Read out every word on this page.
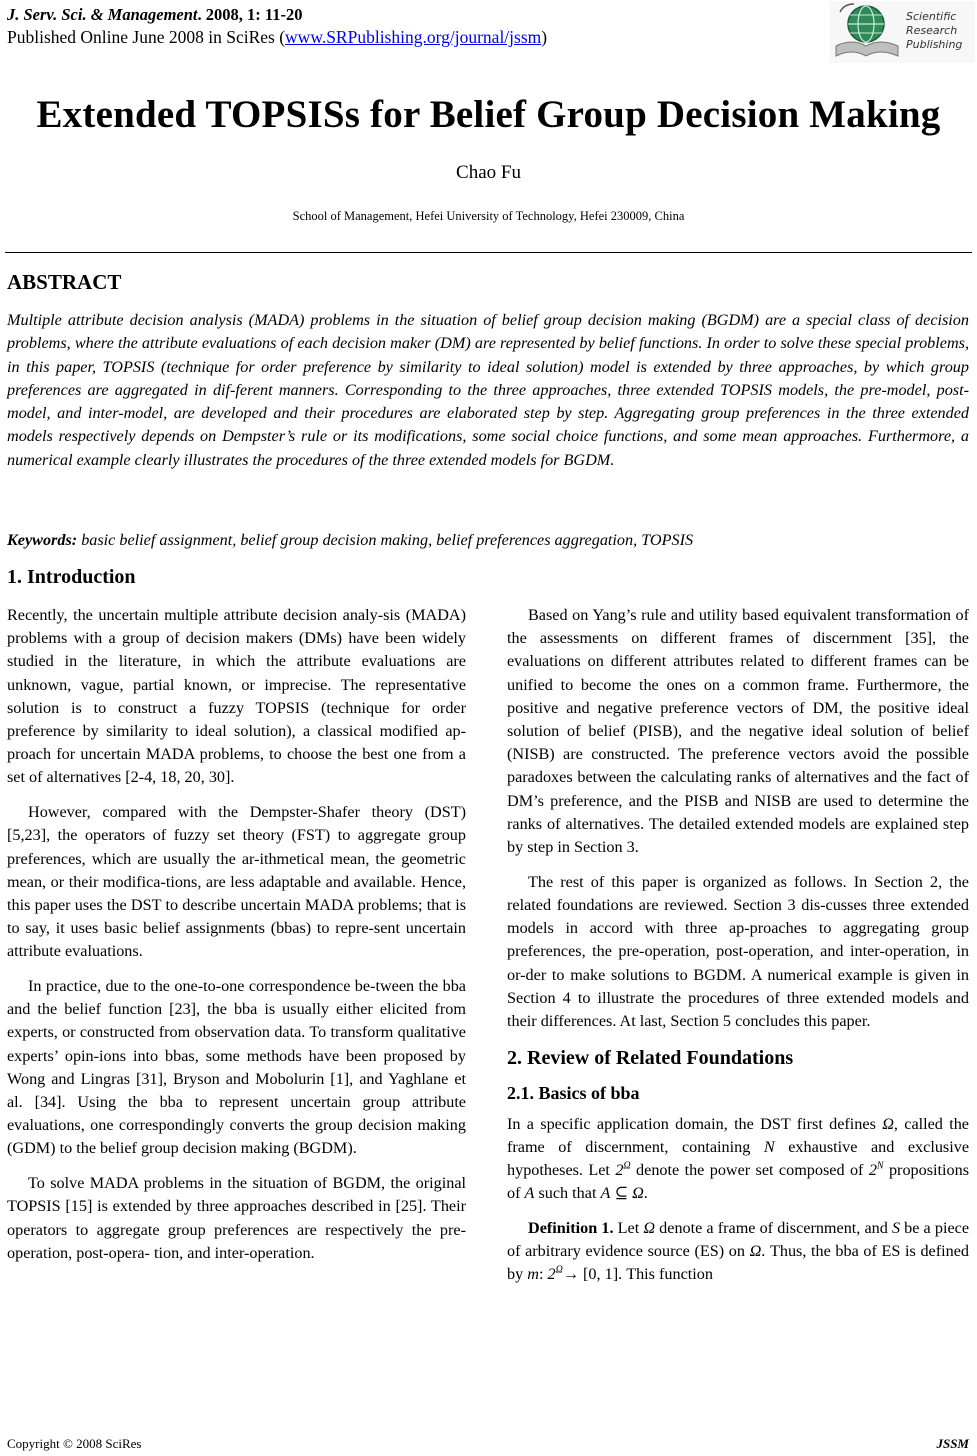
J. Serv. Sci. & Management. 2008, 1: 11-20
Published Online June 2008 in SciRes (www.SRPublishing.org/journal/jssm)
Scientific
Research
Publishing
Extended TOPSISs for Belief Group Decision Making
Chao Fu
School of Management, Hefei University of Technology, Hefei 230009, China
ABSTRACT
Multiple attribute decision analysis (MADA) problems in the situation of belief group decision making (BGDM) are a special class of decision problems, where the attribute evaluations of each decision maker (DM) are represented by belief functions. In order to solve these special problems, in this paper, TOPSIS (technique for order preference by similarity to ideal solution) model is extended by three approaches, by which group preferences are aggregated in dif-ferent manners. Corresponding to the three approaches, three extended TOPSIS models, the pre-model, post-model, and inter-model, are developed and their procedures are elaborated step by step. Aggregating group preferences in the three extended models respectively depends on Dempster’s rule or its modifications, some social choice functions, and some mean approaches. Furthermore, a numerical example clearly illustrates the procedures of the three extended models for BGDM.
Keywords: basic belief assignment, belief group decision making, belief preferences aggregation, TOPSIS
1. Introduction

Recently, the uncertain multiple attribute decision analy-sis (MADA) problems with a group of decision makers (DMs) have been widely studied in the literature, in which the attribute evaluations are unknown, vague, partial known, or imprecise. The representative solution is to construct a fuzzy TOPSIS (technique for order preference by similarity to ideal solution), a classical modified ap-proach for uncertain MADA problems, to choose the best one from a set of alternatives [2-4, 18, 20, 30].

However, compared with the Dempster-Shafer theory (DST) [5,23], the operators of fuzzy set theory (FST) to aggregate group preferences, which are usually the ar-ithmetical mean, the geometric mean, or their modifica-tions, are less adaptable and available. Hence, this paper uses the DST to describe uncertain MADA problems; that is to say, it uses basic belief assignments (bbas) to repre-sent uncertain attribute evaluations.

In practice, due to the one-to-one correspondence be-tween the bba and the belief function [23], the bba is usually either elicited from experts, or constructed from observation data. To transform qualitative experts’ opin-ions into bbas, some methods have been proposed by Wong and Lingras [31], Bryson and Mobolurin [1], and Yaghlane et al. [34]. Using the bba to represent uncertain group attribute evaluations, one correspondingly converts the group decision making (GDM) to the belief group decision making (BGDM).

To solve MADA problems in the situation of BGDM, the original TOPSIS [15] is extended by three approaches described in [25]. Their operators to aggregate group preferences are respectively the pre-operation, post-opera- tion, and inter-operation.

Based on Yang’s rule and utility based equivalent transformation of the assessments on different frames of discernment [35], the evaluations on different attributes related to different frames can be unified to become the ones on a common frame. Furthermore, the positive and negative preference vectors of DM, the positive ideal solution of belief (PISB), and the negative ideal solution of belief (NISB) are constructed. The preference vectors avoid the possible paradoxes between the calculating ranks of alternatives and the fact of DM’s preference, and the PISB and NISB are used to determine the ranks of alternatives. The detailed extended models are explained step by step in Section 3.

The rest of this paper is organized as follows. In Section 2, the related foundations are reviewed. Section 3 dis-cusses three extended models in accord with three ap-proaches to aggregating group preferences, the pre-operation, post-operation, and inter-operation, in or-der to make solutions to BGDM. A numerical example is given in Section 4 to illustrate the procedures of three extended models and their differences. At last, Section 5 concludes this paper.

2. Review of Related Foundations
2.1. Basics of bba

In a specific application domain, the DST first defines Ω, called the frame of discernment, containing N exhaustive and exclusive hypotheses. Let $2^\Omega$ denote the power set composed of $2^N$ propositions of A such that A ⊆ Ω.

Definition 1. Let Ω denote a frame of discernment, and S be a piece of arbitrary evidence source (ES) on Ω. Thus, the bba of ES is defined by m: $2^\Omega\to [0$, 1]. This function

Copyright © 2008 SciRes	JSSM
